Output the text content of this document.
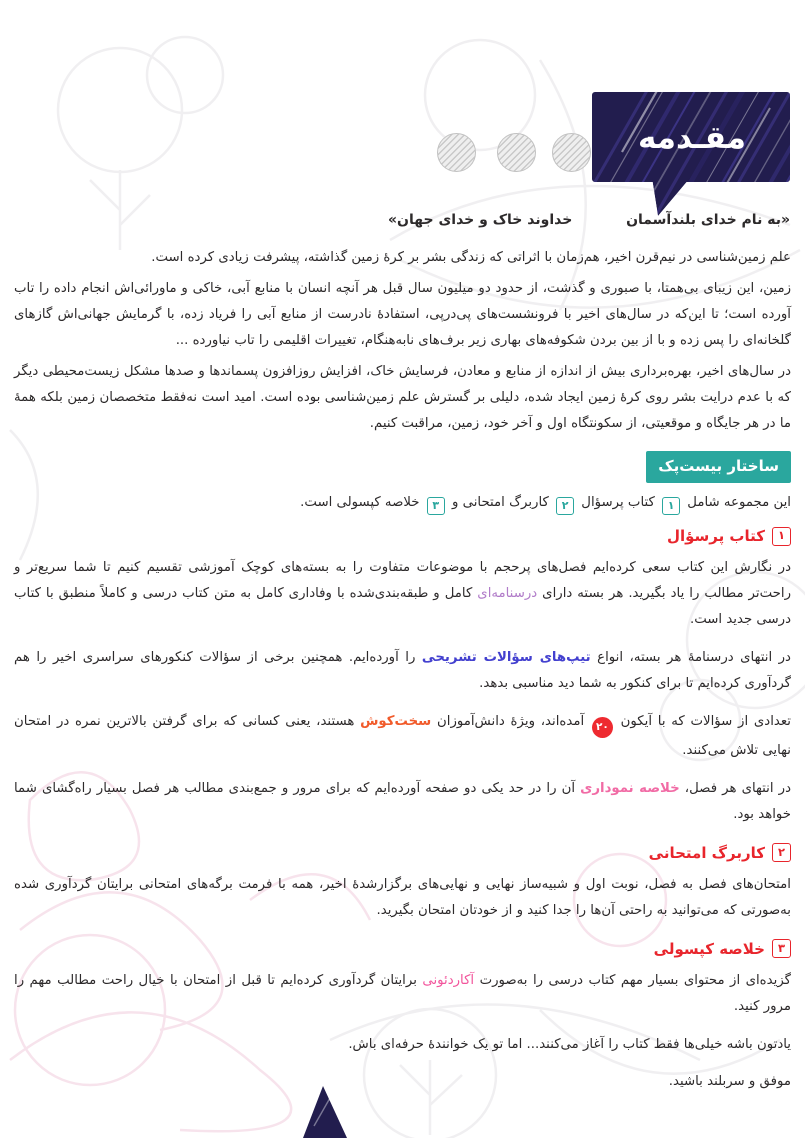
مقـدمه
«به نام خدای بلندآسمان
خداوند خاک و خدای جهان»

علم زمین‌شناسی در نیم‌قرن اخیر، هم‌زمان با اثراتی که زندگی بشر بر کرهٔ زمین گذاشته، پیشرفت زیادی کرده است.

زمین، این زیبای بی‌همتا، با صبوری و گذشت، از حدود دو میلیون سال قبل هر آنچه انسان با منابع آبی، خاکی و ماورائی‌اش انجام داده را تاب آورده است؛ تا این‌که در سال‌های اخیر با فرونشست‌های پی‌درپی، استفادهٔ نادرست از منابع آبی را فریاد زده، با گرمایش جهانی‌اش گازهای گلخانه‌ای را پس زده و با از بین بردن شکوفه‌های بهاری زیر برف‌های نابه‌هنگام، تغییرات اقلیمی را تاب نیاورده ...

در سال‌های اخیر، بهره‌برداری بیش از اندازه از منابع و معادن، فرسایش خاک، افزایش روزافزون پسماندها و صدها مشکل زیست‌محیطی دیگر که با عدم درایت بشر روی کرهٔ زمین ایجاد شده، دلیلی بر گسترش علم زمین‌شناسی بوده است. امید است نه‌فقط متخصصان زمین بلکه همهٔ ما در هر جایگاه و موقعیتی، از سکونتگاه اول و آخر خود، زمین، مراقبت کنیم.

ساختار بیست‌پک

این مجموعه شامل ۱ کتاب پرسؤال ۲ کاربرگ امتحانی و ۳ خلاصه کپسولی است.

۱
کتاب پرسؤال

در نگارش این کتاب سعی کرده‌ایم فصل‌های پرحجم با موضوعات متفاوت را به بسته‌های کوچک آموزشی تقسیم کنیم تا شما سریع‌تر و راحت‌تر مطالب را یاد بگیرید. هر بسته دارای درسنامه‌ای کامل و طبقه‌بندی‌شده با وفاداری کامل به متن کتاب درسی و کاملاً منطبق با کتاب درسی جدید است.

در انتهای درسنامهٔ هر بسته، انواع تیپ‌های سؤالات تشریحی را آورده‌ایم. همچنین برخی از سؤالات کنکورهای سراسری اخیر را هم گردآوری کرده‌ایم تا برای کنکور به شما دید مناسبی بدهد.

تعدادی از سؤالات که با آیکون ۲۰ آمده‌اند، ویژهٔ دانش‌آموزان سخت‌کوش هستند، یعنی کسانی که برای گرفتن بالاترین نمره در امتحان نهایی تلاش می‌کنند.

در انتهای هر فصل، خلاصه نموداری آن را در حد یکی دو صفحه آورده‌ایم که برای مرور و جمع‌بندی مطالب هر فصل بسیار راه‌گشای شما خواهد بود.

۲
کاربرگ امتحانی

امتحان‌های فصل به فصل، نوبت اول و شبیه‌ساز نهایی و نهایی‌های برگزارشدهٔ اخیر، همه با فرمت برگه‌های امتحانی برایتان گردآوری شده به‌صورتی که می‌توانید به راحتی آن‌ها را جدا کنید و از خودتان امتحان بگیرید.

۳
خلاصه کپسولی

گزیده‌ای از محتوای بسیار مهم کتاب درسی را به‌صورت آکاردئونی برایتان گردآوری کرده‌ایم تا قبل از امتحان با خیال راحت مطالب مهم را مرور کنید.

یادتون باشه خیلی‌ها فقط کتاب را آغاز می‌کنند... اما تو یک خوانندهٔ حرفه‌ای باش.

موفق و سربلند باشید.
